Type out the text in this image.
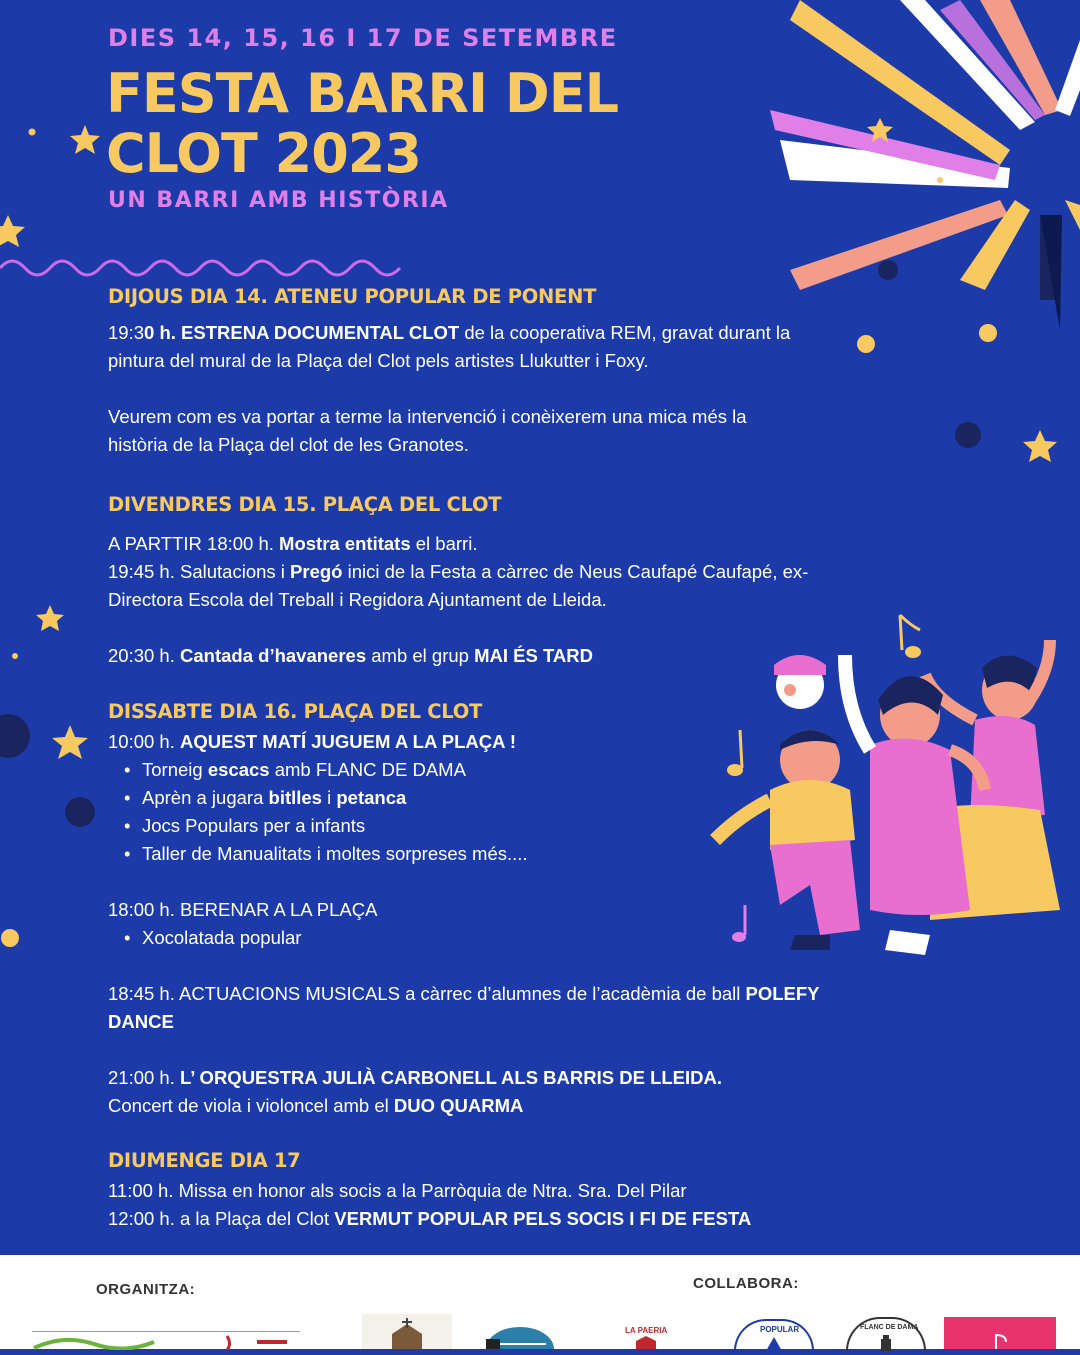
DIES 14, 15, 16 I 17 DE SETEMBRE
FESTA BARRI DEL
CLOT 2023
UN BARRI AMB HISTÒRIA
DIJOUS DIA 14. ATENEU POPULAR DE PONENT
19:30 h. ESTRENA DOCUMENTAL CLOT de la cooperativa REM, gravat durant la
pintura del mural de la Plaça del Clot pels artistes Llukutter i Foxy.
Veurem com es va portar a terme la intervenció i conèixerem una mica més la
història de la Plaça del clot de les Granotes.
DIVENDRES DIA 15. PLAÇA DEL CLOT
A PARTTIR 18:00 h. Mostra entitats el barri.
19:45 h. Salutacions i Pregó inici de la Festa a càrrec de Neus Caufapé Caufapé, ex-
Directora Escola del Treball i Regidora Ajuntament de Lleida.
20:30 h. Cantada d’havaneres amb el grup MAI ÉS TARD
DISSABTE DIA 16. PLAÇA DEL CLOT
10:00 h. AQUEST MATÍ JUGUEM A LA PLAÇA !
• Torneig escacs amb FLANC DE DAMA
• Aprèn a jugara bitlles i petanca
• Jocs Populars per a infants
• Taller de Manualitats i moltes sorpreses més....
18:00 h. BERENAR A LA PLAÇA
• Xocolatada popular
18:45 h. ACTUACIONS MUSICALS a càrrec d’alumnes de l’acadèmia de ball POLEFY
DANCE
21:00 h. L’ ORQUESTRA JULIÀ CARBONELL ALS BARRIS DE LLEIDA.
Concert de viola i violoncel amb el DUO QUARMA
DIUMENGE DIA 17
11:00 h. Missa en honor als socis a la Parròquia de Ntra. Sra. Del Pilar
12:00 h. a la Plaça del Clot VERMUT POPULAR PELS SOCIS I FI DE FESTA
ORGANITZA:	COLLABORA:
LA PAERIA	POPULAR	FLANC DE DAMA
